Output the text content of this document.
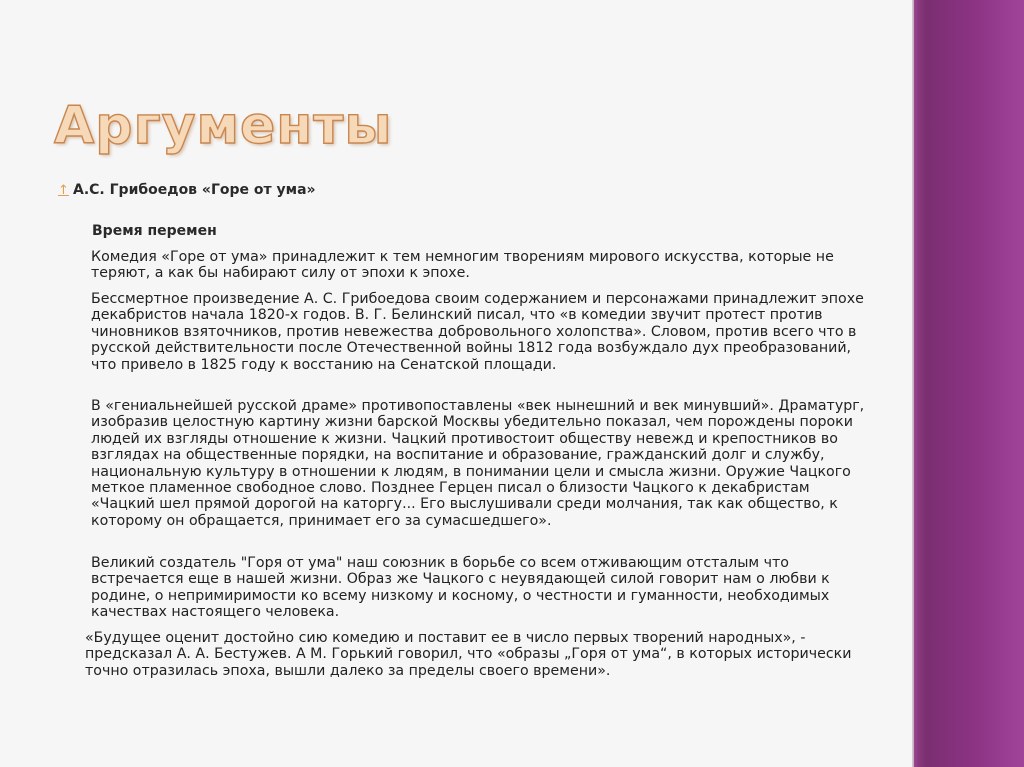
Аргументы
↑ А.С. Грибоедов «Горе от ума»
Время перемен
Комедия «Горе от ума» принадлежит к тем немногим творениям мирового искусства, которые не теряют, а как бы набирают силу от эпохи к эпохе.
Бессмертное произведение А. С. Грибоедова своим содержанием и персонажами принадлежит эпохе декабристов начала 1820-х годов. В. Г. Белинский писал, что «в комедии звучит протест против чиновников взяточников, против невежества добровольного холопства». Словом, против всего что в русской действительности после Отечественной войны 1812 года возбуждало дух преобразований, что привело в 1825 году к восстанию на Сенатской площади.
В «гениальнейшей русской драме» противопоставлены «век нынешний и век минувший». Драматург, изобразив целостную картину жизни барской Москвы убедительно показал, чем порождены пороки людей их взгляды отношение к жизни. Чацкий противостоит обществу невежд и крепостников во взглядах на общественные порядки, на воспитание и образование, гражданский долг и службу, национальную культуру в отношении к людям, в понимании цели и смысла жизни. Оружие Чацкого меткое пламенное свободное слово. Позднее Герцен писал о близости Чацкого к декабристам «Чацкий шел прямой дорогой на каторгу... Его выслушивали среди молчания, так как общество, к которому он обращается, принимает его за сумасшедшего».
Великий создатель "Горя от ума" наш союзник в борьбе со всем отживающим отсталым что встречается еще в нашей жизни. Образ же Чацкого с неувядающей силой говорит нам о любви к родине, о непримиримости ко всему низкому и косному, о честности и гуманности, необходимых качествах настоящего человека.
«Будущее оценит достойно сию комедию и поставит ее в число первых творений народных», - предсказал А. А. Бестужев. А М. Горький говорил, что «образы „Горя от ума“, в которых исторически точно отразилась эпоха, вышли далеко за пределы своего времени».
